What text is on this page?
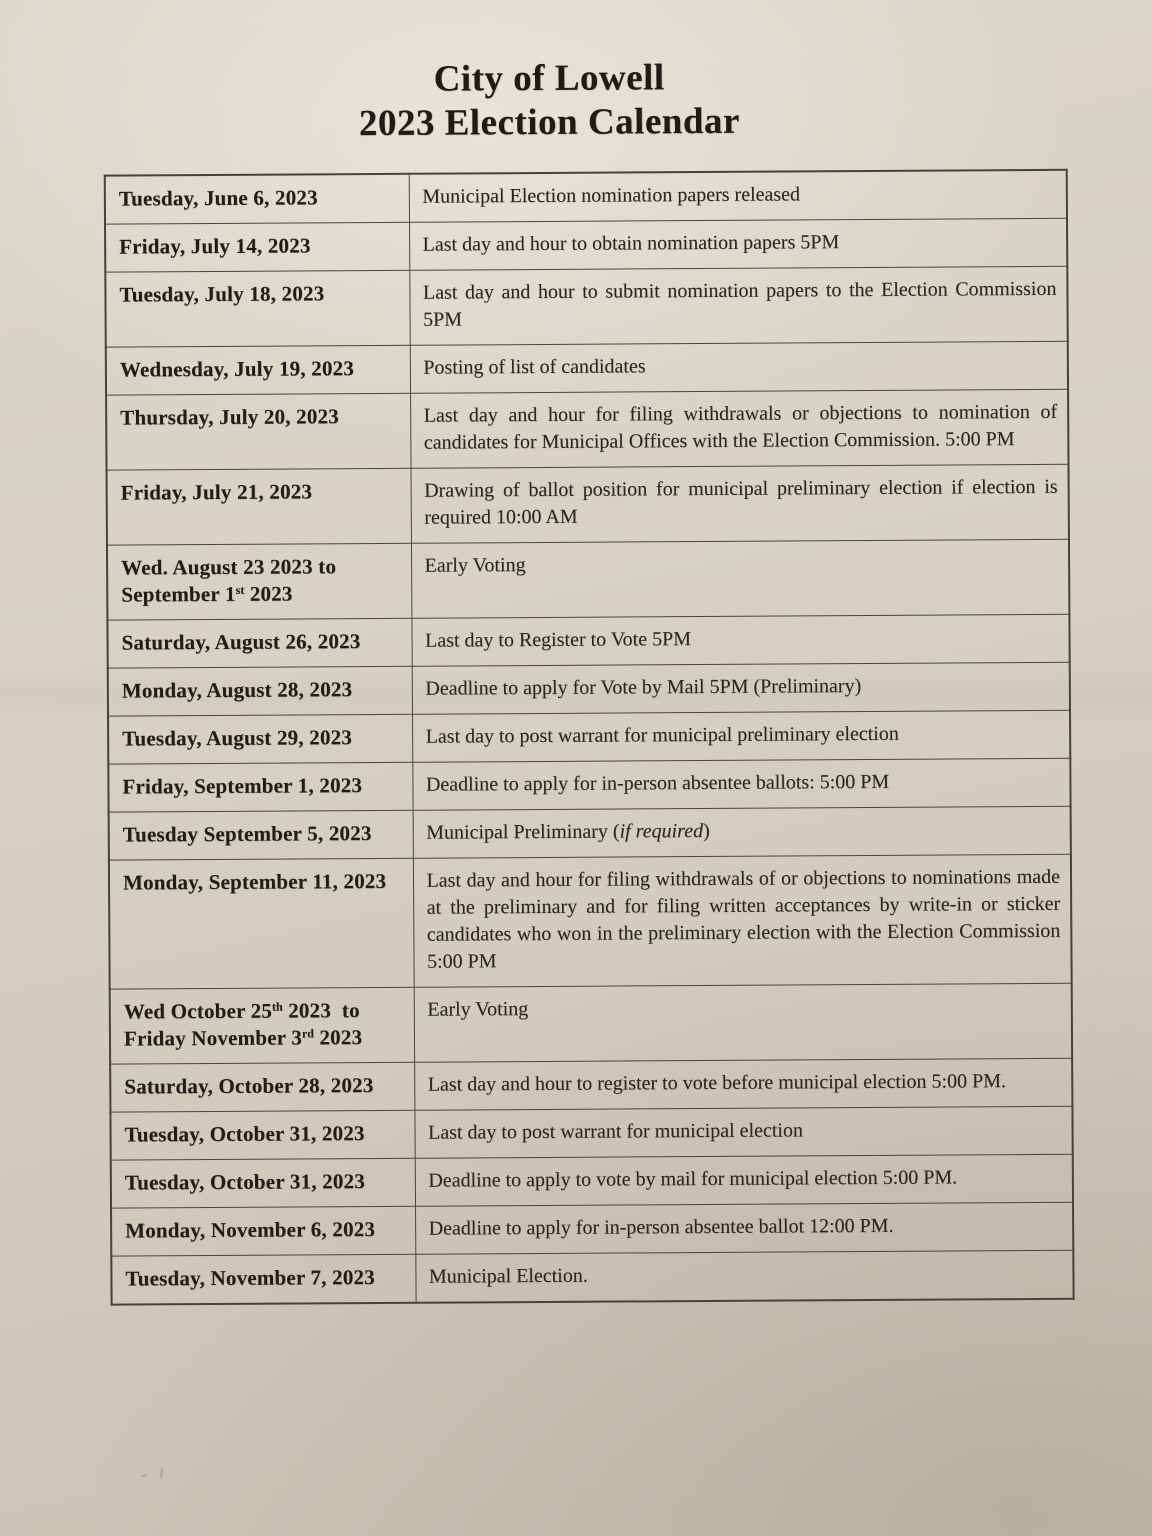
City of Lowell
2023 Election Calendar
Tuesday, June 6, 2023	Municipal Election nomination papers released
Friday, July 14, 2023	Last day and hour to obtain nomination papers 5PM
Tuesday, July 18, 2023	Last day and hour to submit nomination papers to the Election Commission 5PM
Wednesday, July 19, 2023	Posting of list of candidates
Thursday, July 20, 2023	Last day and hour for filing withdrawals or objections to nomination of candidates for Municipal Offices with the Election Commission. 5:00 PM
Friday, July 21, 2023	Drawing of ballot position for municipal preliminary election if election is required 10:00 AM
Wed. August 23 2023 to
September 1st 2023	Early Voting
Saturday, August 26, 2023	Last day to Register to Vote 5PM
Monday, August 28, 2023	Deadline to apply for Vote by Mail 5PM (Preliminary)
Tuesday, August 29, 2023	Last day to post warrant for municipal preliminary election
Friday, September 1, 2023	Deadline to apply for in-person absentee ballots: 5:00 PM
Tuesday September 5, 2023	Municipal Preliminary (if required)
Monday, September 11, 2023	Last day and hour for filing withdrawals of or objections to nominations made at the preliminary and for filing written acceptances by write-in or sticker candidates who won in the preliminary election with the Election Commission 5:00 PM
Wed October 25th 2023  to
Friday November 3rd 2023	Early Voting
Saturday, October 28, 2023	Last day and hour to register to vote before municipal election 5:00 PM.
Tuesday, October 31, 2023	Last day to post warrant for municipal election
Tuesday, October 31, 2023	Deadline to apply to vote by mail for municipal election 5:00 PM.
Monday, November 6, 2023	Deadline to apply for in-person absentee ballot 12:00 PM.
Tuesday, November 7, 2023	Municipal Election.
